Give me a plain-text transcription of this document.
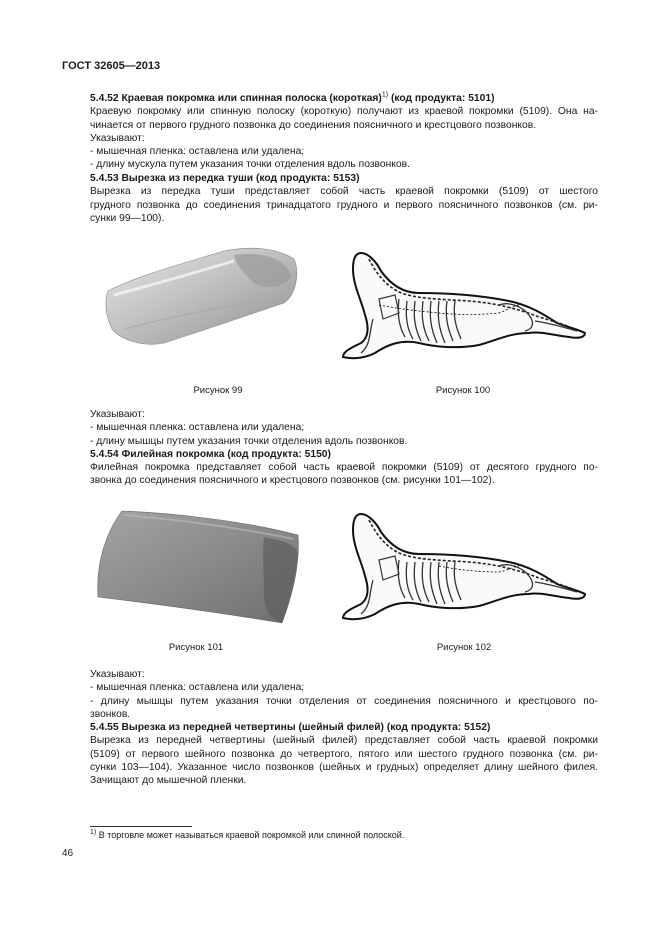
ГОСТ 32605—2013
5.4.52 Краевая покромка или спинная полоска (короткая)$^{1)}$ (код продукта: 5101)
Краевую покромку или спинную полоску (короткую) получают из краевой покромки (5109). Она на-
чинается от первого грудного позвонка до соединения поясничного и крестцового позвонков.
Указывают:
- мышечная пленка: оставлена или удалена;
- длину мускула путем указания точки отделения вдоль позвонков.
5.4.53 Вырезка из передка туши (код продукта: 5153)
Вырезка из передка туши представляет собой часть краевой покромки (5109) от шестого
грудного позвонка до соединения тринадцатого грудного и первого поясничного позвонков (см. ри-
сунки 99—100).
Рисунок 99	Рисунок 100
Указывают:
- мышечная пленка: оставлена или удалена;
- длину мышцы путем указания точки отделения вдоль позвонков.
5.4.54 Филейная покромка (код продукта: 5150)
Филейная покромка представляет собой часть краевой покромки (5109) от десятого грудного по-
звонка до соединения поясничного и крестцового позвонков (см. рисунки 101—102).
Рисунок 101	Рисунок 102
Указывают:
- мышечная пленка: оставлена или удалена;
- длину мышцы путем указания точки отделения от соединения поясничного и крестцового по-
звонков.
5.4.55 Вырезка из передней четвертины (шейный филей) (код продукта: 5152)
Вырезка из передней четвертины (шейный филей) представляет собой часть краевой покромки
(5109) от первого шейного позвонка до четвертого, пятого или шестого грудного позвонка (см. ри-
сунки 103—104). Указанное число позвонков (шейных и грудных) определяет длину шейного филея.
Зачищают до мышечной пленки.
$^{1)}$ В торговле может называться краевой покромкой или спинной полоской.
46
